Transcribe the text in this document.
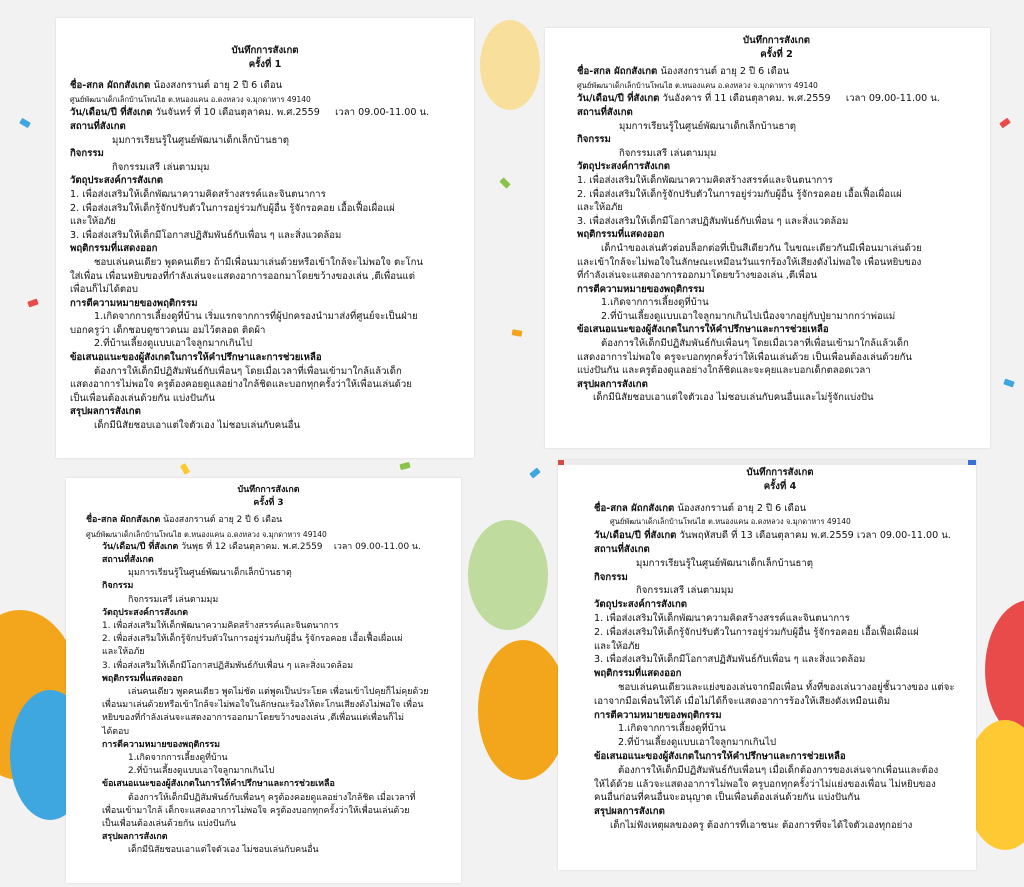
บันทึกการสังเกต

ครั้งที่ 1

ชื่อ-สกล ผัถกสังเกต น้องสงกรานต์ อายุ 2 ปี 6 เดือน

ศูนย์พัฒนาเด็กเล็กบ้านโพนไฮ ต.หนองแคน อ.ดงหลวง จ.มุกดาหาร 49140

วัน/เดือน/ปี ที่สังเกต วันจันทร์ ที่ 10 เดือนตุลาคม. พ.ศ.2559 เวลา 09.00-11.00 น.

สถานที่สังเกต

มุมการเรียนรู้ในศูนย์พัฒนาเด็กเล็กบ้านธาตุ

กิจกรรม

กิจกรรมเสรี เล่นตามมุม

วัตถุประสงค์การสังเกต

1. เพื่อส่งเสริมให้เด็กพัฒนาความคิดสร้างสรรค์และจินตนาการ

2. เพื่อส่งเสริมให้เด็กรู้จักปรับตัวในการอยู่ร่วมกับผู้อื่น รู้จักรอคอย เอื้อเฟื้อเผื่อแผ่

และให้อภัย

3. เพื่อส่งเสริมให้เด็กมีโอกาสปฏิสัมพันธ์กับเพื่อน ๆ และสิ่งแวดล้อม

พฤติกรรมที่แสดงออก

ชอบเล่นคนเดียว พูดคนเดียว ถ้ามีเพื่อนมาเล่นด้วยหรือเข้าใกล้จะไม่พอใจ ตะโกน

ใส่เพื่อน เพื่อนหยิบของที่กำลังเล่นจะแสดงอาการออกมาโดยขว้างของเล่น ,ตีเพื่อนแต่

เพื่อนก็ไม่ได้ตอบ

การตีความหมายของพฤติกรรม

1.เกิดจากการเลี้ยงดูที่บ้าน เริ่มแรกจากการที่ผู้ปกครองนำมาส่งที่ศูนย์จะเป็นฝ่าย

บอกครูว่า เด็กชอบดูซาวดนม อมไว้ตลอด ติดผ้า

2.ที่บ้านเลี้ยงดูแบบเอาใจลูกมากเกินไป

ข้อเสนอแนะของผู้สังเกตในการให้คำปรึกษาและการช่วยเหลือ

ต้องการให้เด็กมีปฏิสัมพันธ์กับเพื่อนๆ โดยเมื่อเวลาที่เพื่อนเข้ามาใกล้แล้วเด็ก

แสดงอาการไม่พอใจ ครูต้องคอยดูแลอย่างใกล้ชิดและบอกทุกครั้งว่าให้เพื่อนเล่นด้วย

เป็นเพื่อนต้องเล่นด้วยกัน แบ่งปันกัน

สรุปผลการสังเกต

เด็กมีนิสัยชอบเอาแต่ใจตัวเอง ไม่ชอบเล่นกับคนอื่น

บันทึกการสังเกต

ครั้งที่ 2

ชื่อ-สกล ผัถกสังเกต น้องสงกรานต์ อายุ 2 ปี 6 เดือน

ศูนย์พัฒนาเด็กเล็กบ้านโพนไฮ ต.หนองแคน อ.ดงหลวง จ.มุกดาหาร 49140

วัน/เดือน/ปี ที่สังเกต วันอังคาร ที่ 11 เดือนตุลาคม. พ.ศ.2559 เวลา 09.00-11.00 น.

สถานที่สังเกต

มุมการเรียนรู้ในศูนย์พัฒนาเด็กเล็กบ้านธาตุ

กิจกรรม

กิจกรรมเสรี เล่นตามมุม

วัตถุประสงค์การสังเกต

1. เพื่อส่งเสริมให้เด็กพัฒนาความคิดสร้างสรรค์และจินตนาการ

2. เพื่อส่งเสริมให้เด็กรู้จักปรับตัวในการอยู่ร่วมกับผู้อื่น รู้จักรอคอย เอื้อเฟื้อเผื่อแผ่

และให้อภัย

3. เพื่อส่งเสริมให้เด็กมีโอกาสปฏิสัมพันธ์กับเพื่อน ๆ และสิ่งแวดล้อม

พฤติกรรมที่แสดงออก

เด็กนำของเล่นตัวต่อบล็อกต่อที่เป็นสีเดียวกัน ในขณะเดียวกันมีเพื่อนมาเล่นด้วย

และเข้าใกล้จะไม่พอใจในลักษณะเหมือนวันแรกร้องให้เสียงดังไม่พอใจ เพื่อนหยิบของ

ที่กำลังเล่นจะแสดงอาการออกมาโดยขว้างของเล่น ,ตีเพื่อน

การตีความหมายของพฤติกรรม

1.เกิดจากการเลี้ยงดูที่บ้าน

2.ที่บ้านเลี้ยงดูแบบเอาใจลูกมากเกินไปเนื่องจากอยู่กับปู่ยามากกว่าพ่อแม่

ข้อเสนอแนะของผู้สังเกตในการให้คำปรึกษาและการช่วยเหลือ

ต้องการให้เด็กมีปฏิสัมพันธ์กับเพื่อนๆ โดยเมื่อเวลาที่เพื่อนเข้ามาใกล้แล้วเด็ก

แสดงอาการไม่พอใจ ครูจะบอกทุกครั้งว่าให้เพื่อนเล่นด้วย เป็นเพื่อนต้องเล่นด้วยกัน

แบ่งปันกัน และครูต้องดูแลอย่างใกล้ชิดและจะคุยและบอกเด็กตลอดเวลา

สรุปผลการสังเกต

เด็กมีนิสัยชอบเอาแต่ใจตัวเอง ไม่ชอบเล่นกับคนอื่นและไม่รู้จักแบ่งปัน

บันทึกการสังเกต

ครั้งที่ 3

ชื่อ-สกล ผัถกสังเกต น้องสงกรานต์ อายุ 2 ปี 6 เดือน

ศูนย์พัฒนาเด็กเล็กบ้านโพนไฮ ต.หนองแคน อ.ดงหลวง จ.มุกดาหาร 49140

วัน/เดือน/ปี ที่สังเกต วันพุธ ที่ 12 เดือนตุลาคม. พ.ศ.2559 เวลา 09.00-11.00 น.

สถานที่สังเกต

มุมการเรียนรู้ในศูนย์พัฒนาเด็กเล็กบ้านธาตุ

กิจกรรม

กิจกรรมเสรี เล่นตามมุม

วัตถุประสงค์การสังเกต

1. เพื่อส่งเสริมให้เด็กพัฒนาความคิดสร้างสรรค์และจินตนาการ

2. เพื่อส่งเสริมให้เด็กรู้จักปรับตัวในการอยู่ร่วมกับผู้อื่น รู้จักรอคอย เอื้อเฟื้อเผื่อแผ่

และให้อภัย

3. เพื่อส่งเสริมให้เด็กมีโอกาสปฏิสัมพันธ์กับเพื่อน ๆ และสิ่งแวดล้อม

พฤติกรรมที่แสดงออก

เล่นคนเดียว พูดคนเดียว พูดไม่ชัด แต่พูดเป็นประโยค เพื่อนเข้าไปคุยก็ไม่คุยด้วย

เพื่อนมาเล่นด้วยหรือเข้าใกล้จะไม่พอใจในลักษณะร้องให้ตะโกนเสียงดังไม่พอใจ เพื่อน

หยิบของที่กำลังเล่นจะแสดงอาการออกมาโดยขว้างของเล่น ,ตีเพื่อนแต่เพื่อนก็ไม่

ได้ตอบ

การตีความหมายของพฤติกรรม

1.เกิดจากการเลี้ยงดูที่บ้าน

2.ที่บ้านเลี้ยงดูแบบเอาใจลูกมากเกินไป

ข้อเสนอแนะของผู้สังเกตในการให้คำปรึกษาและการช่วยเหลือ

ต้องการให้เด็กมีปฏิสัมพันธ์กับเพื่อนๆ ครูต้องคอยดูแลอย่างใกล้ชิด เมื่อเวลาที่

เพื่อนเข้ามาใกล้ เด็กจะแสดงอาการไม่พอใจ ครูต้องบอกทุกครั้งว่าให้เพื่อนเล่นด้วย

เป็นเพื่อนต้องเล่นด้วยกัน แบ่งปันกัน

สรุปผลการสังเกต

เด็กมีนิสัยชอบเอาแต่ใจตัวเอง ไม่ชอบเล่นกับคนอื่น

บันทึกการสังเกต

ครั้งที่ 4

ชื่อ-สกล ผัถกสังเกต น้องสงกรานต์ อายุ 2 ปี 6 เดือน

ศูนย์พัฒนาเด็กเล็กบ้านโพนไฮ ต.หนองแคน อ.ดงหลวง จ.มุกดาหาร 49140

วัน/เดือน/ปี ที่สังเกต วันพฤหัสบดี ที่ 13 เดือนตุลาคม พ.ศ.2559 เวลา 09.00-11.00 น.

สถานที่สังเกต

มุมการเรียนรู้ในศูนย์พัฒนาเด็กเล็กบ้านธาตุ

กิจกรรม

กิจกรรมเสรี เล่นตามมุม

วัตถุประสงค์การสังเกต

1. เพื่อส่งเสริมให้เด็กพัฒนาความคิดสร้างสรรค์และจินตนาการ

2. เพื่อส่งเสริมให้เด็กรู้จักปรับตัวในการอยู่ร่วมกับผู้อื่น รู้จักรอคอย เอื้อเฟื้อเผื่อแผ่

และให้อภัย

3. เพื่อส่งเสริมให้เด็กมีโอกาสปฏิสัมพันธ์กับเพื่อน ๆ และสิ่งแวดล้อม

พฤติกรรมที่แสดงออก

ชอบเล่นคนเดียวและแย่งของเล่นจากมือเพื่อน ทั้งที่ของเล่นวางอยู่ชั้นวางของ แต่จะ

เอาจากมือเพื่อนให้ได้ เมื่อไม่ได้ก็จะแสดงอาการร้องให้เสียงดังเหมือนเดิม

การตีความหมายของพฤติกรรม

1.เกิดจากการเลี้ยงดูที่บ้าน

2.ที่บ้านเลี้ยงดูแบบเอาใจลูกมากเกินไป

ข้อเสนอแนะของผู้สังเกตในการให้คำปรึกษาและการช่วยเหลือ

ต้องการให้เด็กมีปฏิสัมพันธ์กับเพื่อนๆ เมื่อเด็กต้องการของเล่นจากเพื่อนและต้อง

ให้ได้ด้วย แล้วจะแสดงอาการไม่พอใจ ครูบอกทุกครั้งว่าไม่แย่งของเพื่อน ไม่หยิบของ

คนอื่นก่อนที่คนอื่นจะอนุญาต เป็นเพื่อนต้องเล่นด้วยกัน แบ่งปันกัน

สรุปผลการสังเกต

เด็กไม่ฟังเหตุผลของครู ต้องการที่เอาชนะ ต้องการที่จะได้ใจตัวเองทุกอย่าง
